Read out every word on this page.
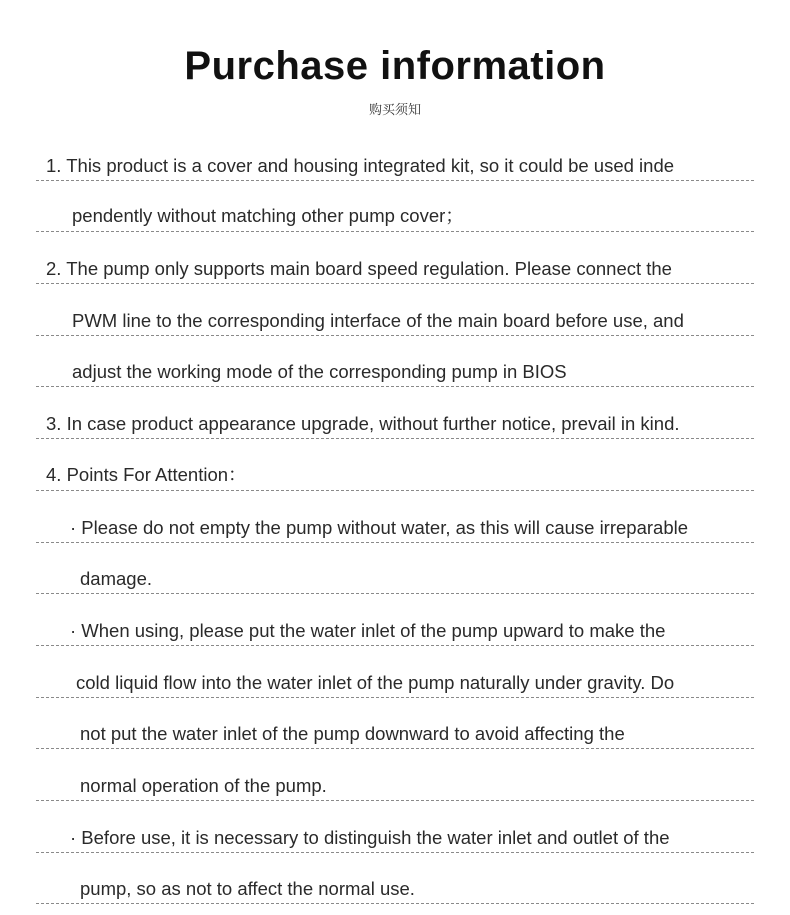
Purchase information
购买须知
1. This product is a cover and housing integrated kit, so it could be used inde
pendently without matching other pump cover；
2. The pump only supports main board speed regulation. Please connect the
PWM line to the corresponding interface of the main board before use, and
adjust the working mode of the corresponding pump in BIOS
3. In case product appearance upgrade, without further notice, prevail in kind.
4. Points For Attention：
· Please do not empty the pump without water, as this will cause irreparable
damage.
· When using, please put the water inlet of the pump upward to make the
cold liquid flow into the water inlet of the pump naturally under gravity. Do
not put the water inlet of the pump downward to avoid affecting the
normal operation of the pump.
· Before use, it is necessary to distinguish the water inlet and outlet of the
pump, so as not to affect the normal use.
